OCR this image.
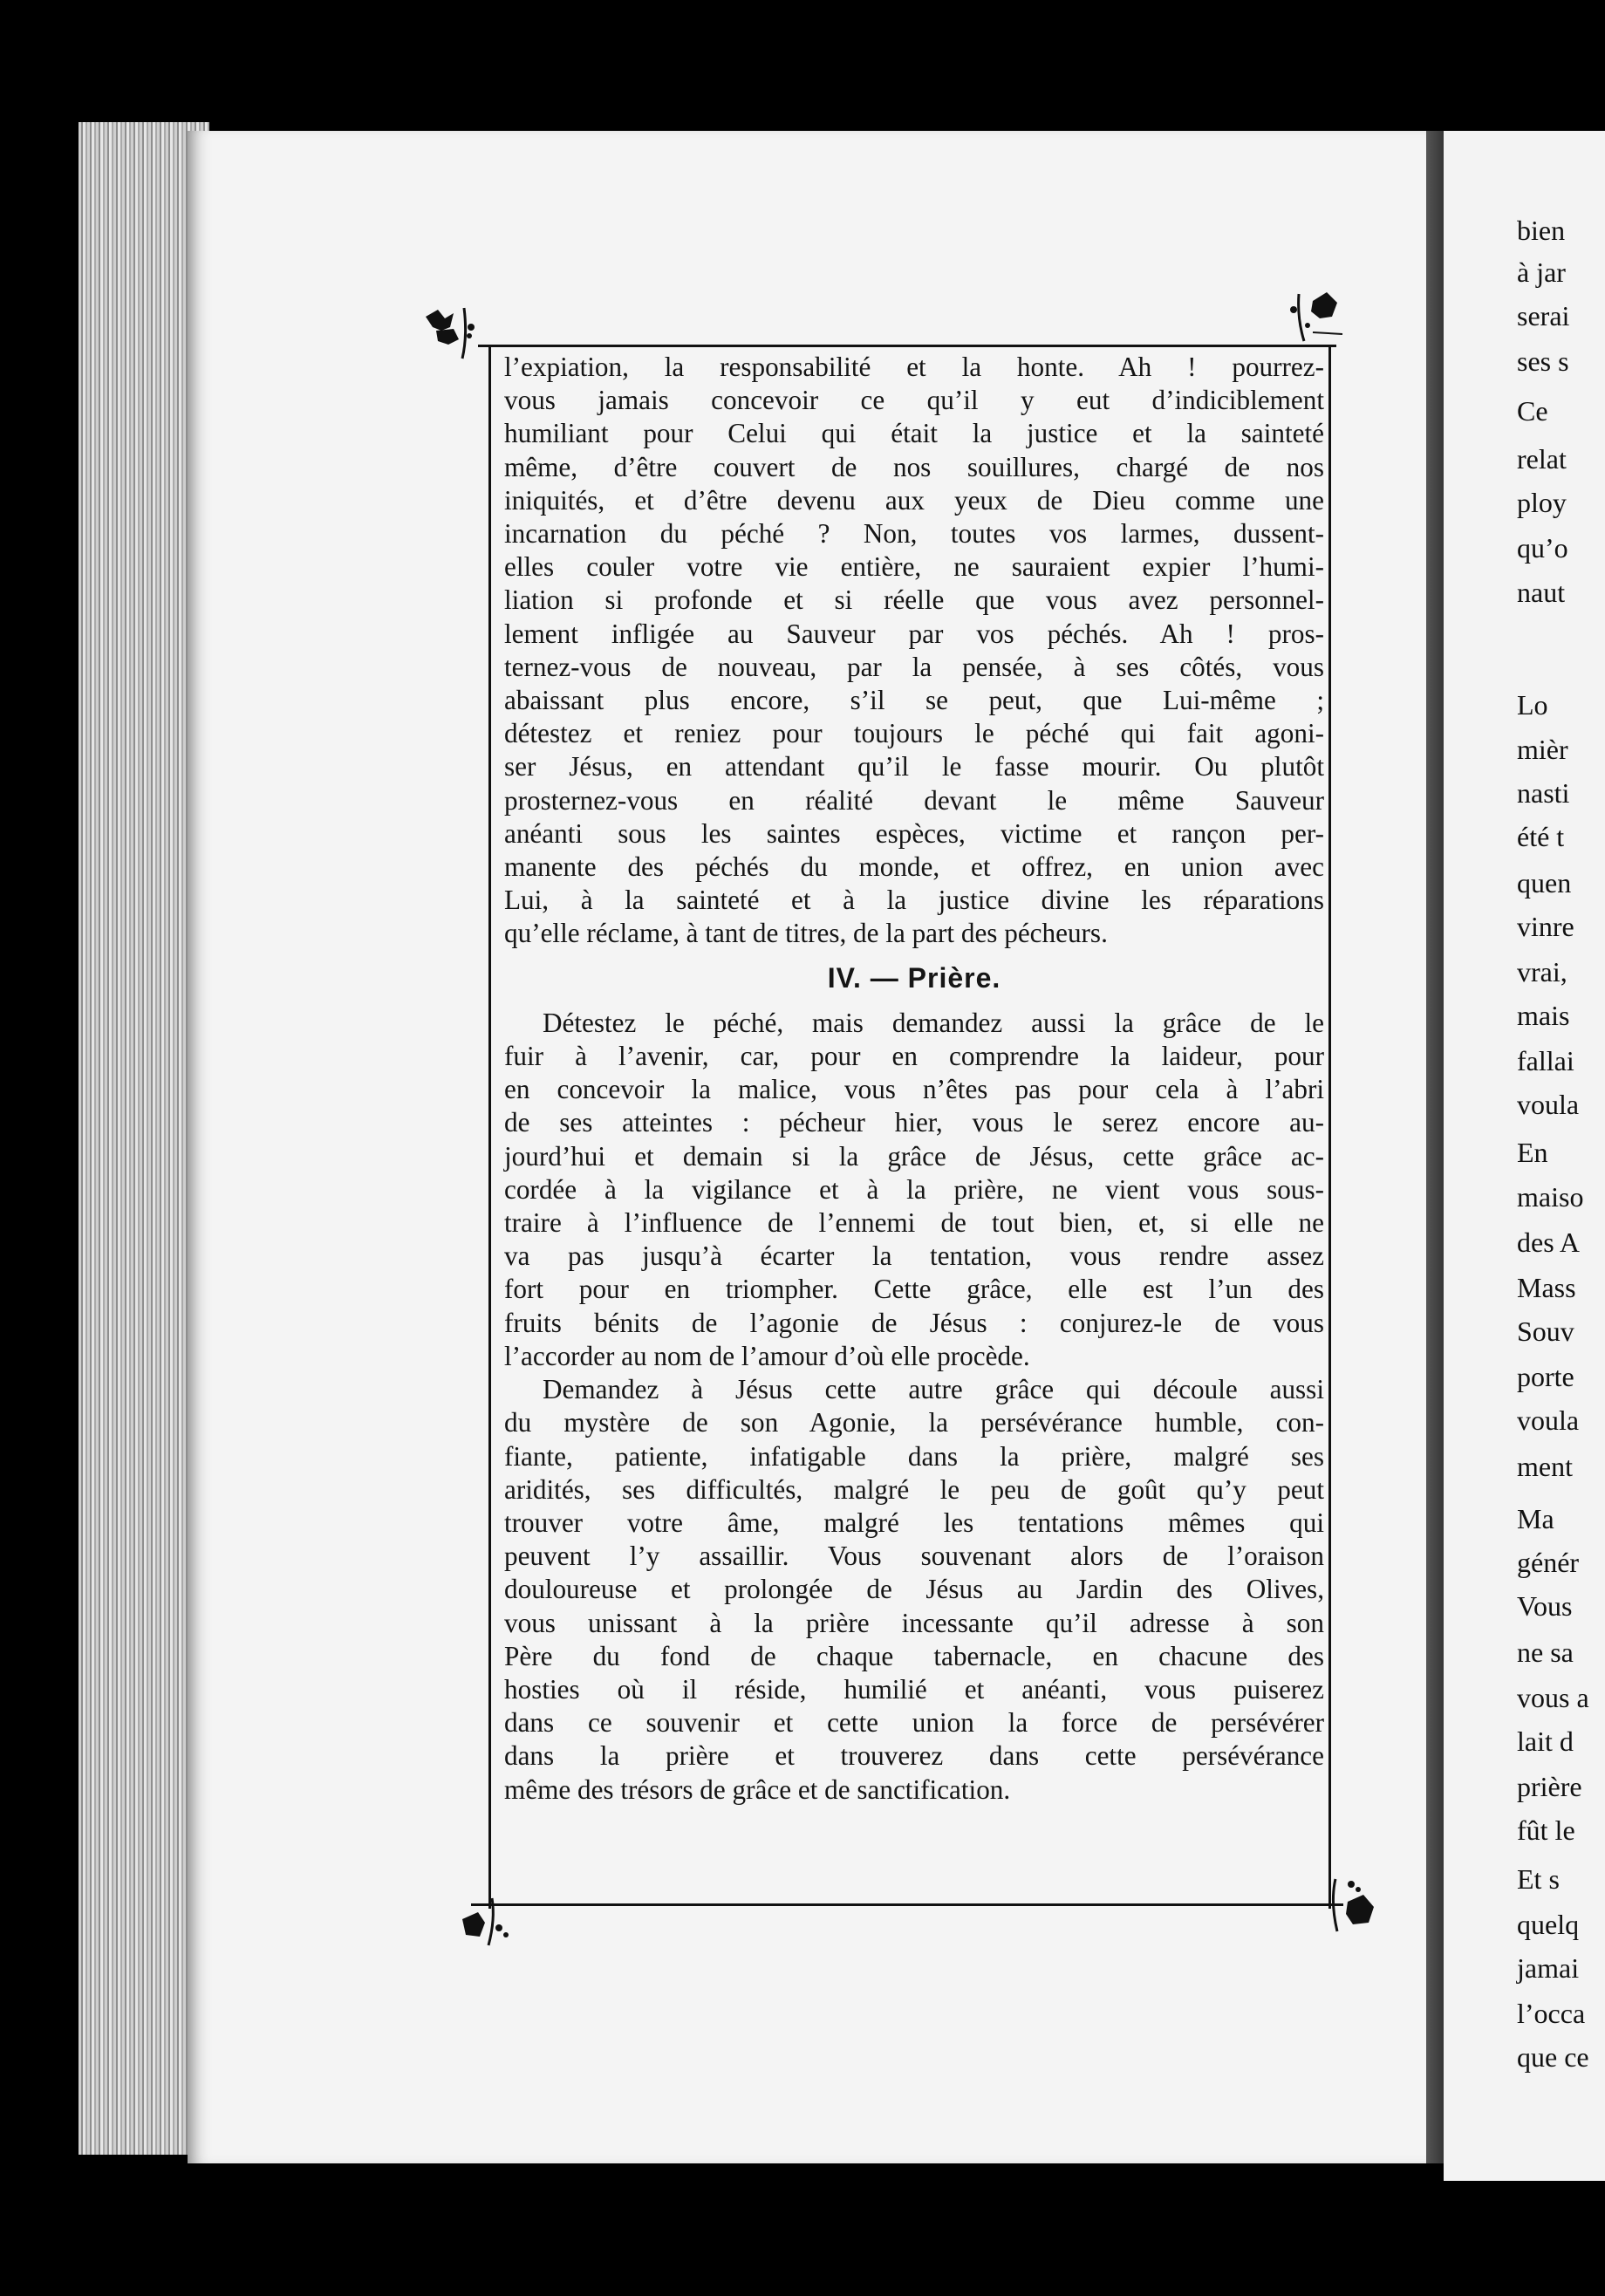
bien
à jar
serai
ses s
Ce
relat
ploy
qu’o
naut
Lo
mièr
nasti
été t
quen
vinre
vrai,
mais
fallai
voula
En
maiso
des A
Mass
Souv
porte
voula
ment
Ma
génér
Vous
ne sa
vous a
lait d
prière
fût le
Et s
quelq
jamai
l’occa
que ce
l’expiation, la responsabilité et la honte. Ah ! pourrez-
vous jamais concevoir ce qu’il y eut d’indiciblement
humiliant pour Celui qui était la justice et la sainteté
même, d’être couvert de nos souillures, chargé de nos
iniquités, et d’être devenu aux yeux de Dieu comme une
incarnation du péché ? Non, toutes vos larmes, dussent-
elles couler votre vie entière, ne sauraient expier l’humi-
liation si profonde et si réelle que vous avez personnel-
lement infligée au Sauveur par vos péchés. Ah ! pros-
ternez-vous de nouveau, par la pensée, à ses côtés, vous
abaissant plus encore, s’il se peut, que Lui-même ;
détestez et reniez pour toujours le péché qui fait agoni-
ser Jésus, en attendant qu’il le fasse mourir. Ou plutôt
prosternez-vous en réalité devant le même Sauveur
anéanti sous les saintes espèces, victime et rançon per-
manente des péchés du monde, et offrez, en union avec
Lui, à la sainteté et à la justice divine les réparations
qu’elle réclame, à tant de titres, de la part des pécheurs.
IV. — Prière.
Détestez le péché, mais demandez aussi la grâce de le
fuir à l’avenir, car, pour en comprendre la laideur, pour
en concevoir la malice, vous n’êtes pas pour cela à l’abri
de ses atteintes : pécheur hier, vous le serez encore au-
jourd’hui et demain si la grâce de Jésus, cette grâce ac-
cordée à la vigilance et à la prière, ne vient vous sous-
traire à l’influence de l’ennemi de tout bien, et, si elle ne
va pas jusqu’à écarter la tentation, vous rendre assez
fort pour en triompher. Cette grâce, elle est l’un des
fruits bénits de l’agonie de Jésus : conjurez-le de vous
l’accorder au nom de l’amour d’où elle procède.
Demandez à Jésus cette autre grâce qui découle aussi
du mystère de son Agonie, la persévérance humble, con-
fiante, patiente, infatigable dans la prière, malgré ses
aridités, ses difficultés, malgré le peu de goût qu’y peut
trouver votre âme, malgré les tentations mêmes qui
peuvent l’y assaillir. Vous souvenant alors de l’oraison
douloureuse et prolongée de Jésus au Jardin des Olives,
vous unissant à la prière incessante qu’il adresse à son
Père du fond de chaque tabernacle, en chacune des
hosties où il réside, humilié et anéanti, vous puiserez
dans ce souvenir et cette union la force de persévérer
dans la prière et trouverez dans cette persévérance
même des trésors de grâce et de sanctification.
